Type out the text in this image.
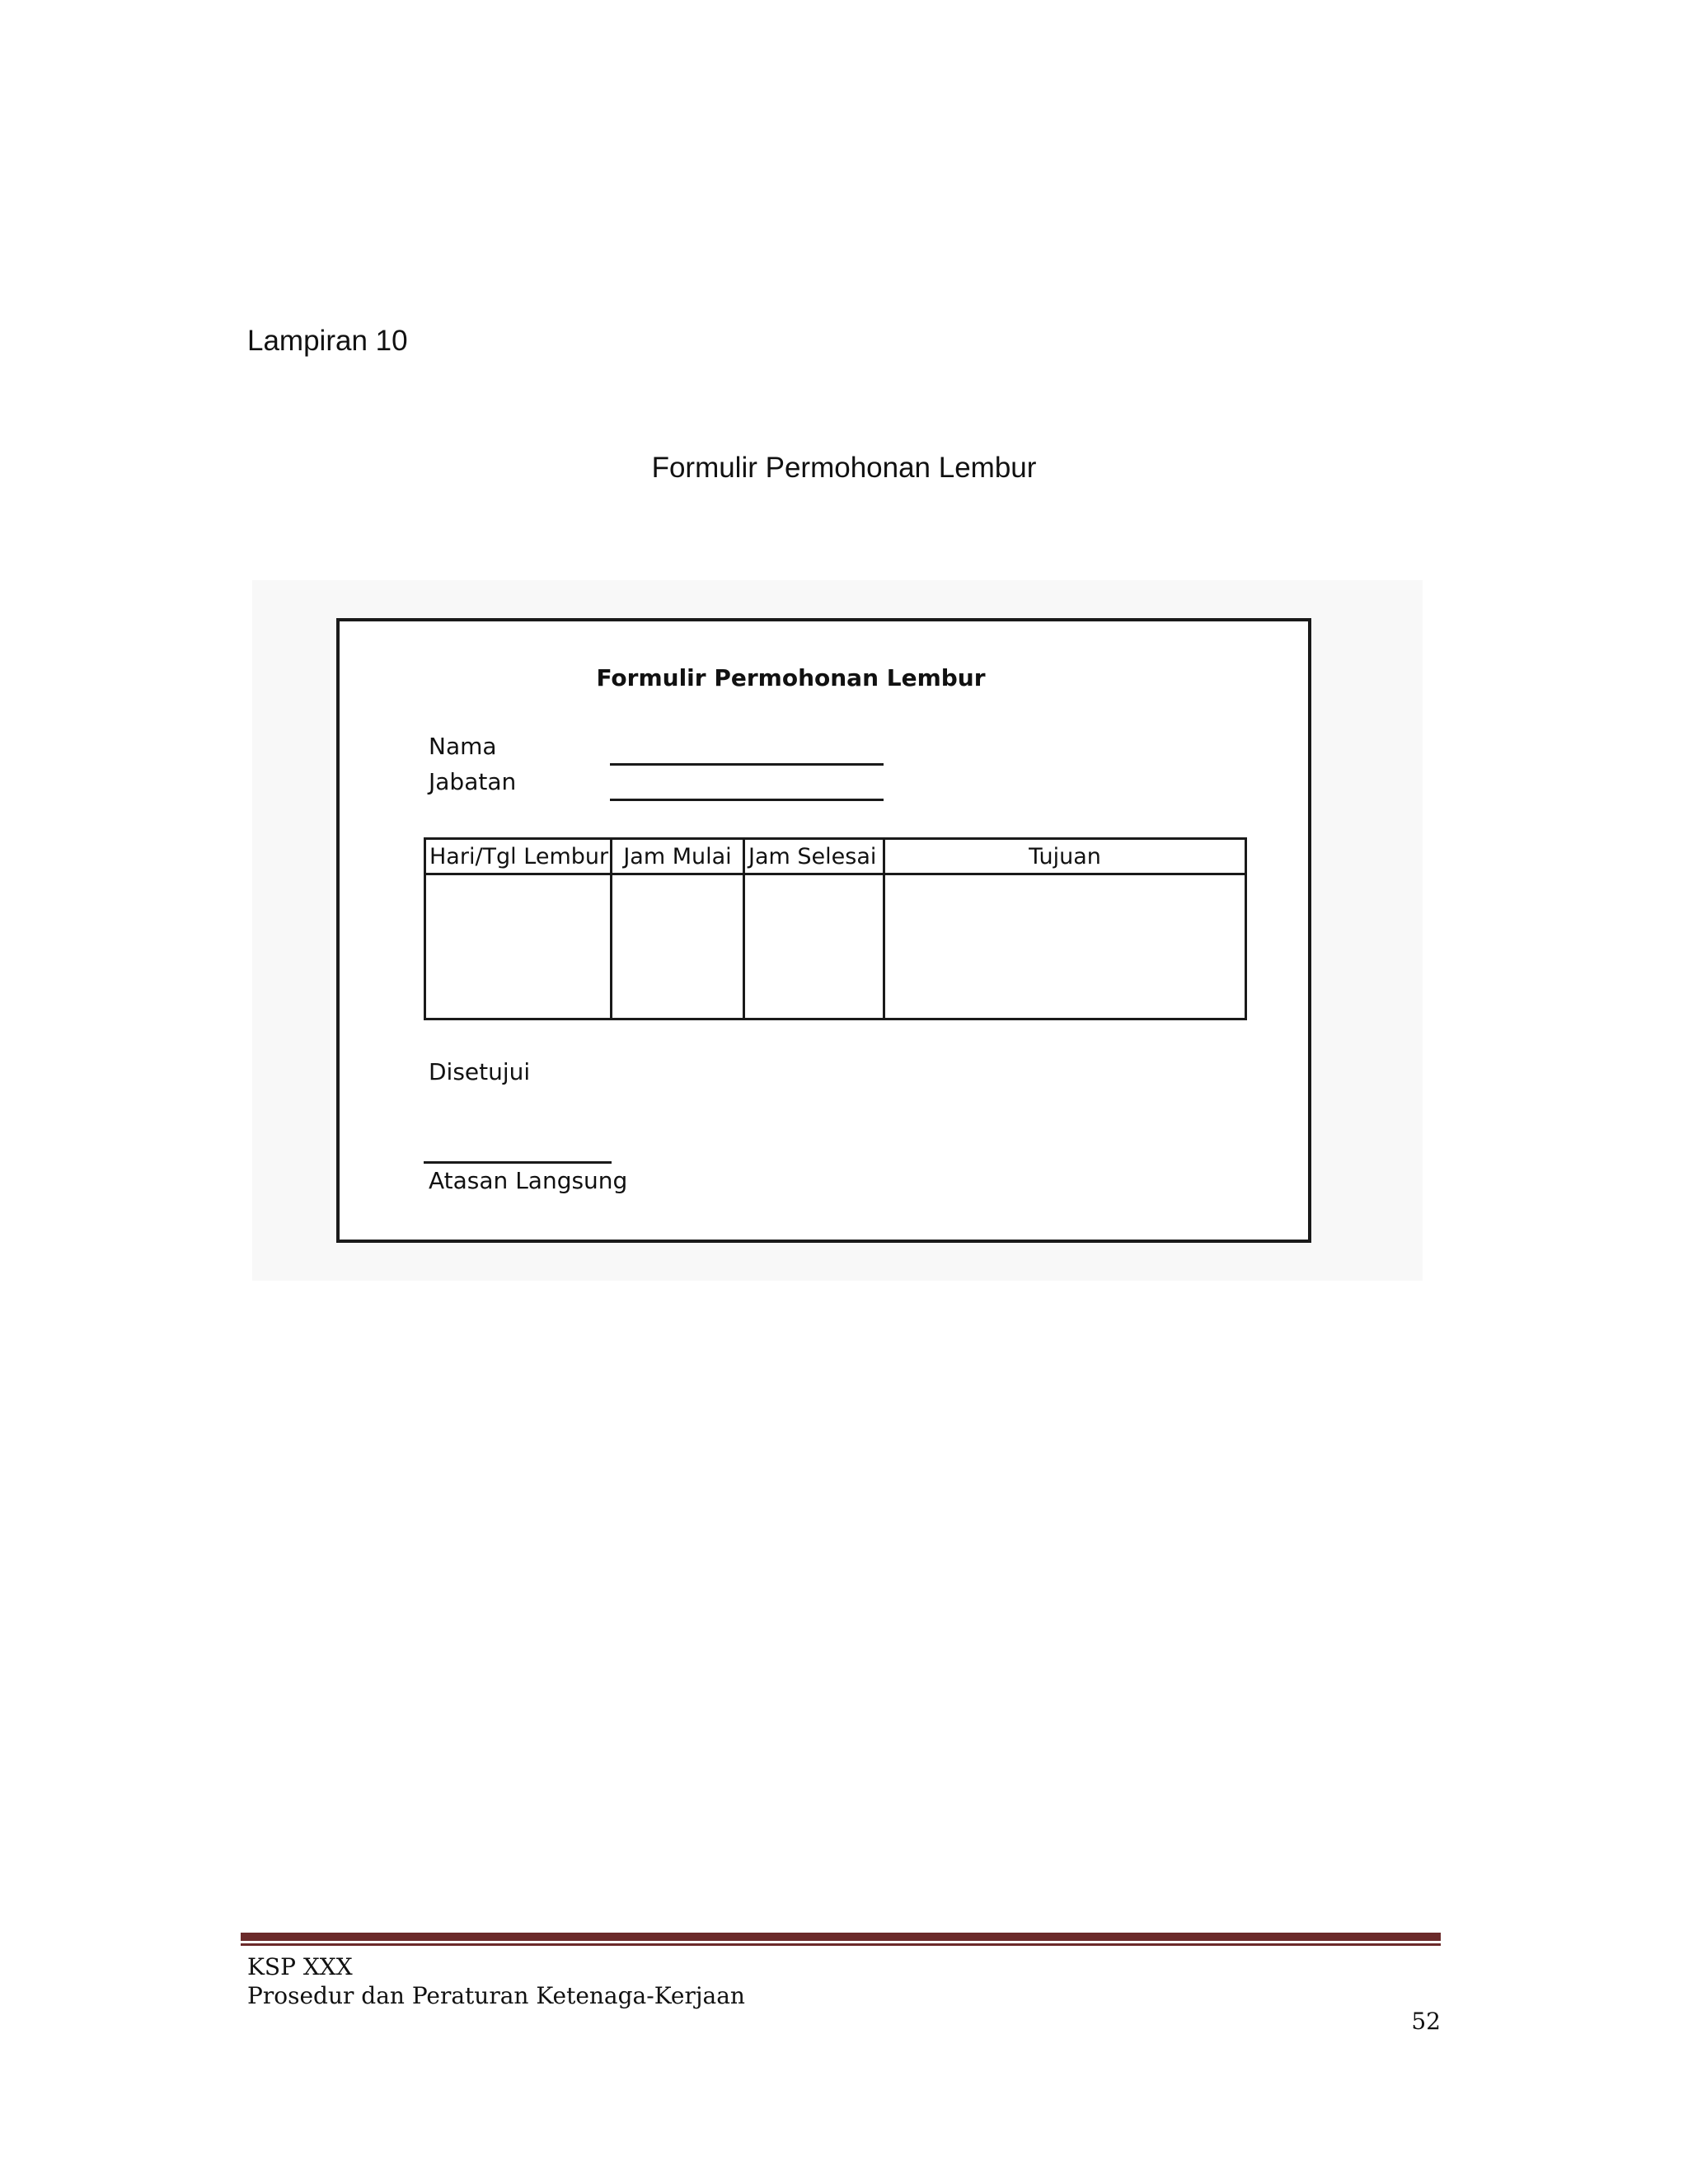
Lampiran 10
Formulir Permohonan Lembur
Formulir Permohonan Lembur
Nama
Jabatan
Hari/Tgl Lembur	Jam Mulai	Jam Selesai	Tujuan

Disetujui
Atasan Langsung
KSP XXX
Prosedur dan Peraturan Ketenaga-Kerjaan
52
